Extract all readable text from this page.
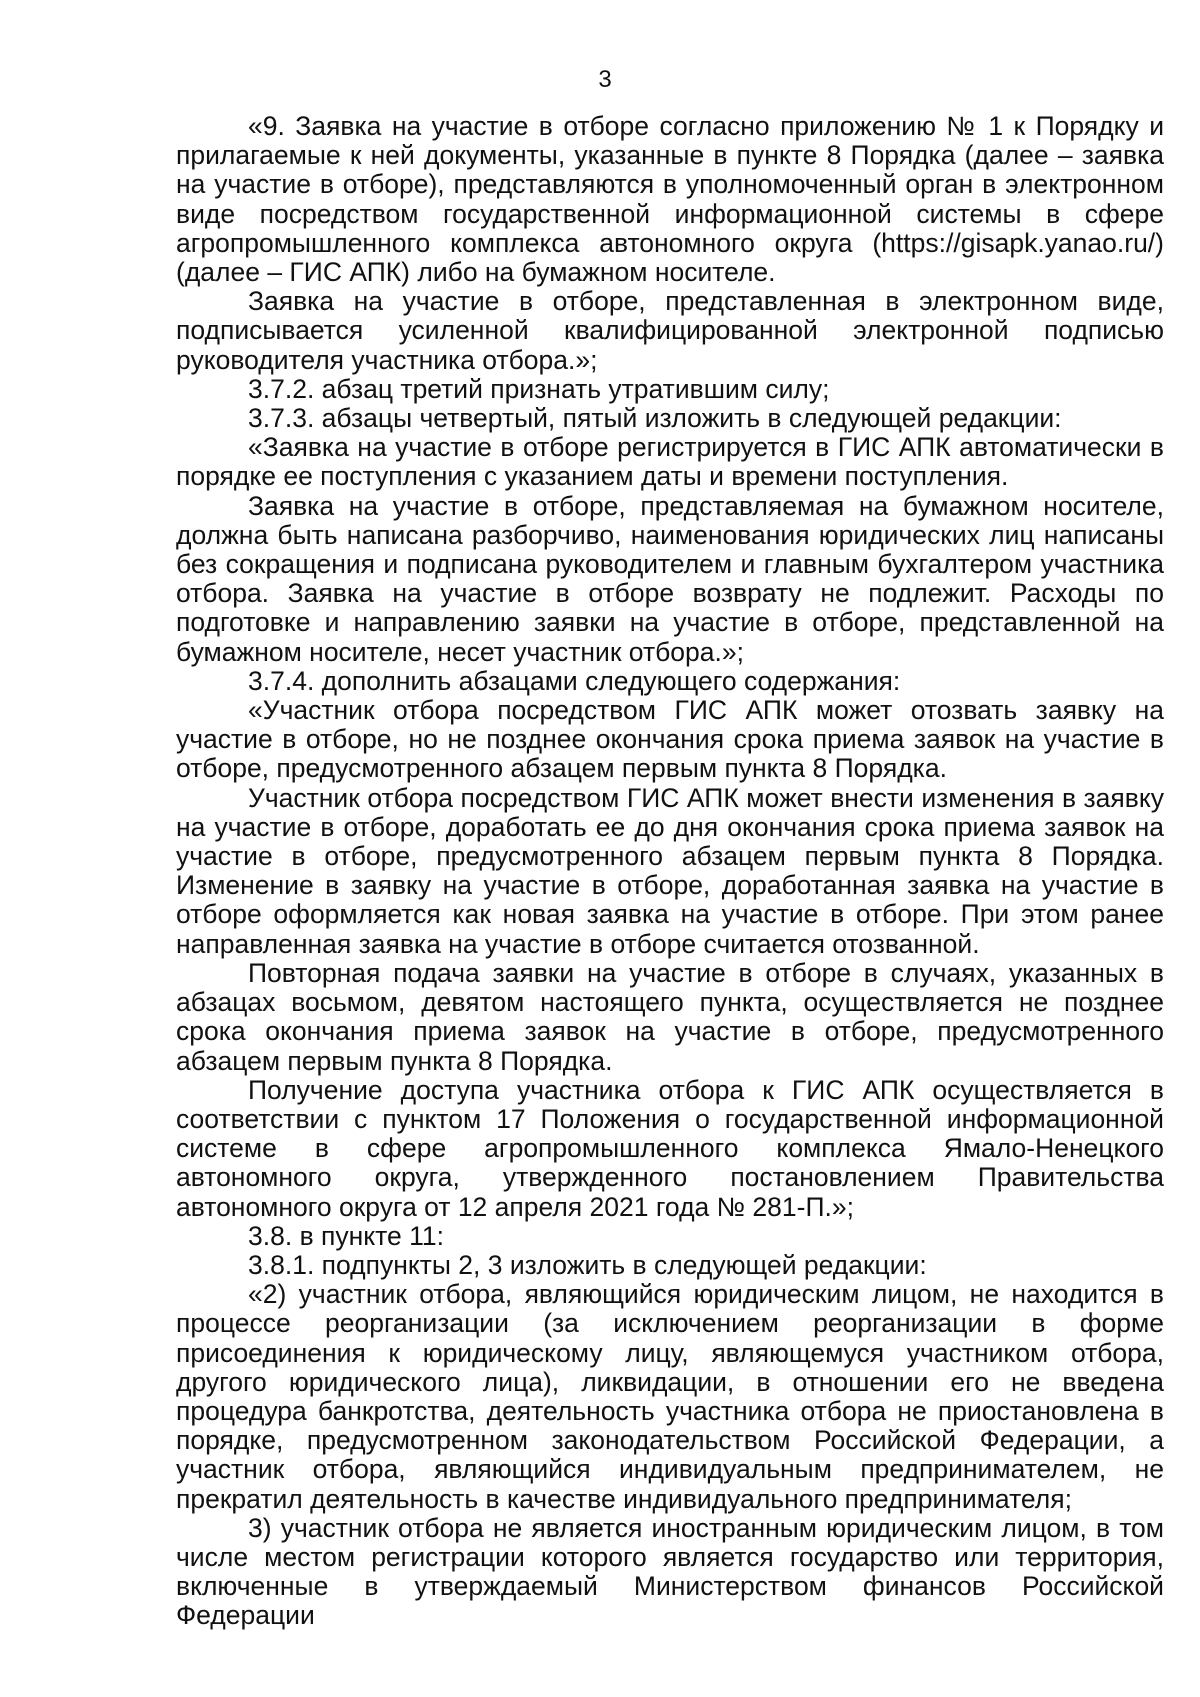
3

«9. Заявка на участие в отборе согласно приложению № 1 к Порядку и прилагаемые к ней документы, указанные в пункте 8 Порядка (далее – заявка на участие в отборе), представляются в уполномоченный орган в электронном виде посредством государственной информационной системы в сфере агропромышленного комплекса автономного округа (https://gisapk.yanao.ru/) (далее – ГИС АПК) либо на бумажном носителе.

Заявка на участие в отборе, представленная в электронном виде, подписывается усиленной квалифицированной электронной подписью руководителя участника отбора.»;

3.7.2. абзац третий признать утратившим силу;

3.7.3. абзацы четвертый, пятый изложить в следующей редакции:

«Заявка на участие в отборе регистрируется в ГИС АПК автоматически в порядке ее поступления с указанием даты и времени поступления.

Заявка на участие в отборе, представляемая на бумажном носителе, должна быть написана разборчиво, наименования юридических лиц написаны без сокращения и подписана руководителем и главным бухгалтером участника отбора. Заявка на участие в отборе возврату не подлежит. Расходы по подготовке и направлению заявки на участие в отборе, представленной на бумажном носителе, несет участник отбора.»;

3.7.4. дополнить абзацами следующего содержания:

«Участник отбора посредством ГИС АПК может отозвать заявку на участие в отборе, но не позднее окончания срока приема заявок на участие в отборе, предусмотренного абзацем первым пункта 8 Порядка.

Участник отбора посредством ГИС АПК может внести изменения в заявку на участие в отборе, доработать ее до дня окончания срока приема заявок на участие в отборе, предусмотренного абзацем первым пункта 8 Порядка. Изменение в заявку на участие в отборе, доработанная заявка на участие в отборе оформляется как новая заявка на участие в отборе. При этом ранее направленная заявка на участие в отборе считается отозванной.

Повторная подача заявки на участие в отборе в случаях, указанных в абзацах восьмом, девятом настоящего пункта, осуществляется не позднее срока окончания приема заявок на участие в отборе, предусмотренного абзацем первым пункта 8 Порядка.

Получение доступа участника отбора к ГИС АПК осуществляется в соответствии с пунктом 17 Положения о государственной информационной системе в сфере агропромышленного комплекса Ямало-Ненецкого автономного округа, утвержденного постановлением Правительства автономного округа от 12 апреля 2021 года № 281-П.»;

3.8. в пункте 11:

3.8.1. подпункты 2, 3 изложить в следующей редакции:

«2) участник отбора, являющийся юридическим лицом, не находится в процессе реорганизации (за исключением реорганизации в форме присоединения к юридическому лицу, являющемуся участником отбора, другого юридического лица), ликвидации, в отношении его не введена процедура банкротства, деятельность участника отбора не приостановлена в порядке, предусмотренном законодательством Российской Федерации, а участник отбора, являющийся индивидуальным предпринимателем, не прекратил деятельность в качестве индивидуального предпринимателя;

3) участник отбора не является иностранным юридическим лицом, в том числе местом регистрации которого является государство или территория, включенные в утверждаемый Министерством финансов Российской Федерации
